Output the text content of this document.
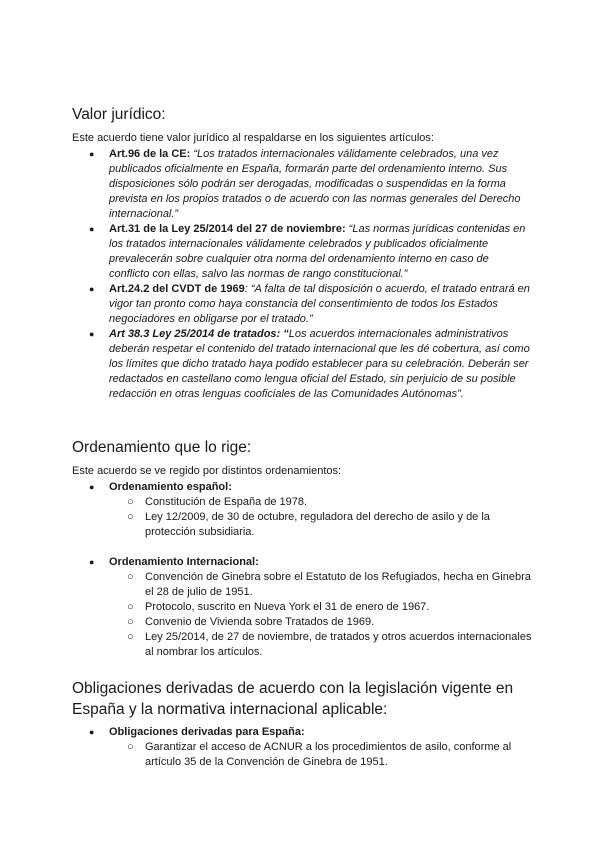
Valor jurídico:

Este acuerdo tiene valor jurídico al respaldarse en los siguientes artículos:

● Art.96 de la CE: “Los tratados internacionales válidamente celebrados, una vez publicados oficialmente en España, formarán parte del ordenamiento interno. Sus disposiciones sólo podrán ser derogadas, modificadas o suspendidas en la forma prevista en los propios tratados o de acuerdo con las normas generales del Derecho internacional.”
● Art.31 de la Ley 25/2014 del 27 de noviembre: “Las normas jurídicas contenidas en los tratados internacionales válidamente celebrados y publicados oficialmente prevalecerán sobre cualquier otra norma del ordenamiento interno en caso de conflicto con ellas, salvo las normas de rango constitucional.”
● Art.24.2 del CVDT de 1969: “A falta de tal disposición o acuerdo, el tratado entrará en vigor tan pronto como haya constancia del consentimiento de todos los Estados negociadores en obligarse por el tratado.”
● Art 38.3 Ley 25/2014 de tratados: “Los acuerdos internacionales administrativos deberán respetar el contenido del tratado internacional que les dé cobertura, así como los límites que dicho tratado haya podido establecer para su celebración. Deberán ser redactados en castellano como lengua oficial del Estado, sin perjuicio de su posible redacción en otras lenguas cooficiales de las Comunidades Autónomas”.
Ordenamiento que lo rige:

Este acuerdo se ve regido por distintos ordenamientos:

● Ordenamiento español:
○	Constitución de España de 1978.
○	Ley 12/2009, de 30 de octubre, reguladora del derecho de asilo y de la protección subsidiaria.
● Ordenamiento Internacional:
○	Convención de Ginebra sobre el Estatuto de los Refugiados, hecha en Ginebra el 28 de julio de 1951.
○	Protocolo, suscrito en Nueva York el 31 de enero de 1967.
○	Convenio de Vivienda sobre Tratados de 1969.
○	Ley 25/2014, de 27 de noviembre, de tratados y otros acuerdos internacionales al nombrar los artículos.
Obligaciones derivadas de acuerdo con la legislación vigente en España y la normativa internacional aplicable:
● Obligaciones derivadas para España:
○	Garantizar el acceso de ACNUR a los procedimientos de asilo, conforme al artículo 35 de la Convención de Ginebra de 1951.
